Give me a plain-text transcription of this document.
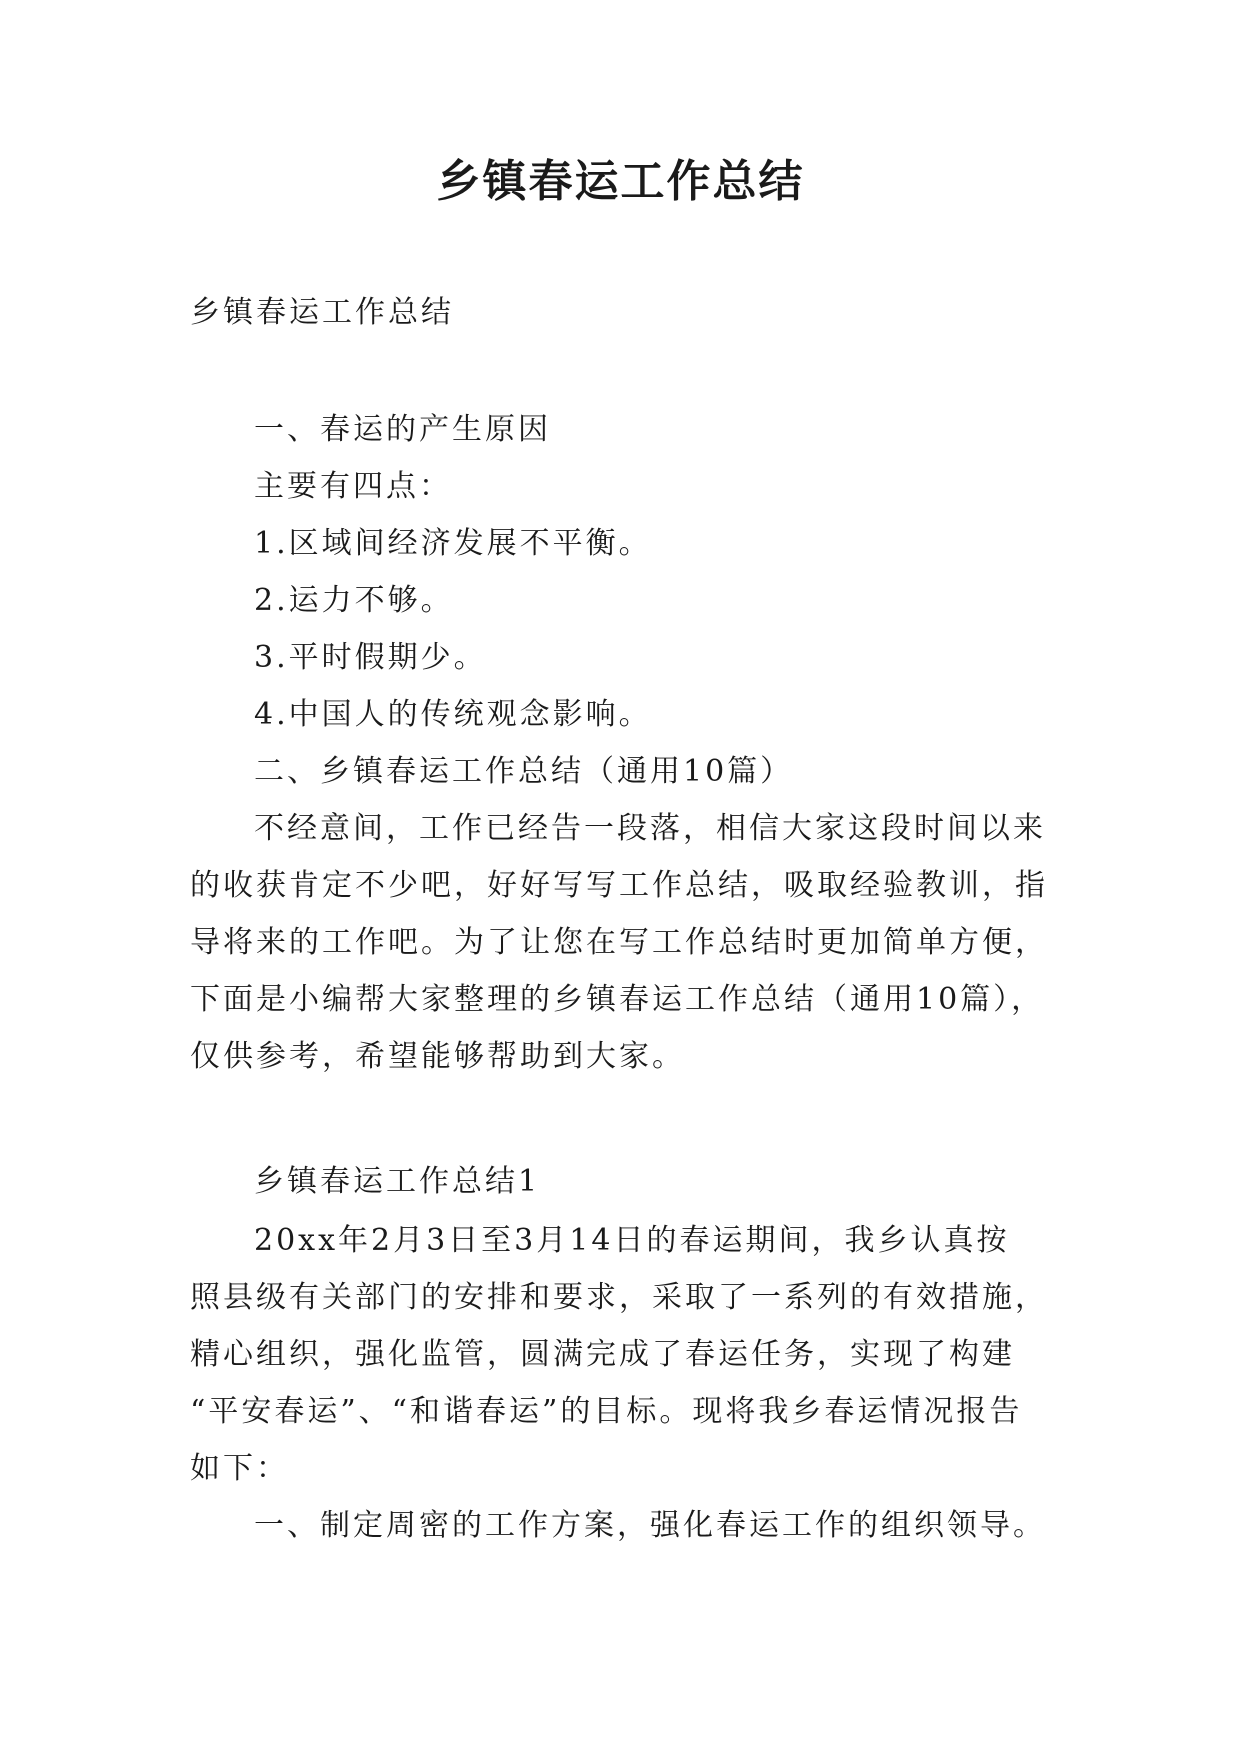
乡镇春运工作总结
乡镇春运工作总结
一、春运的产生原因
主要有四点：
1.区域间经济发展不平衡。
2.运力不够。
3.平时假期少。
4.中国人的传统观念影响。
二、乡镇春运工作总结（通用10篇）
不经意间，工作已经告一段落，相信大家这段时间以来
的收获肯定不少吧，好好写写工作总结，吸取经验教训，指
导将来的工作吧。为了让您在写工作总结时更加简单方便，
下面是小编帮大家整理的乡镇春运工作总结（通用10篇），
仅供参考，希望能够帮助到大家。
乡镇春运工作总结1
20xx年2月3日至3月14日的春运期间，我乡认真按
照县级有关部门的安排和要求，采取了一系列的有效措施，
精心组织，强化监管，圆满完成了春运任务，实现了构建
“平安春运”、“和谐春运”的目标。现将我乡春运情况报告
如下：
一、制定周密的工作方案，强化春运工作的组织领导。
